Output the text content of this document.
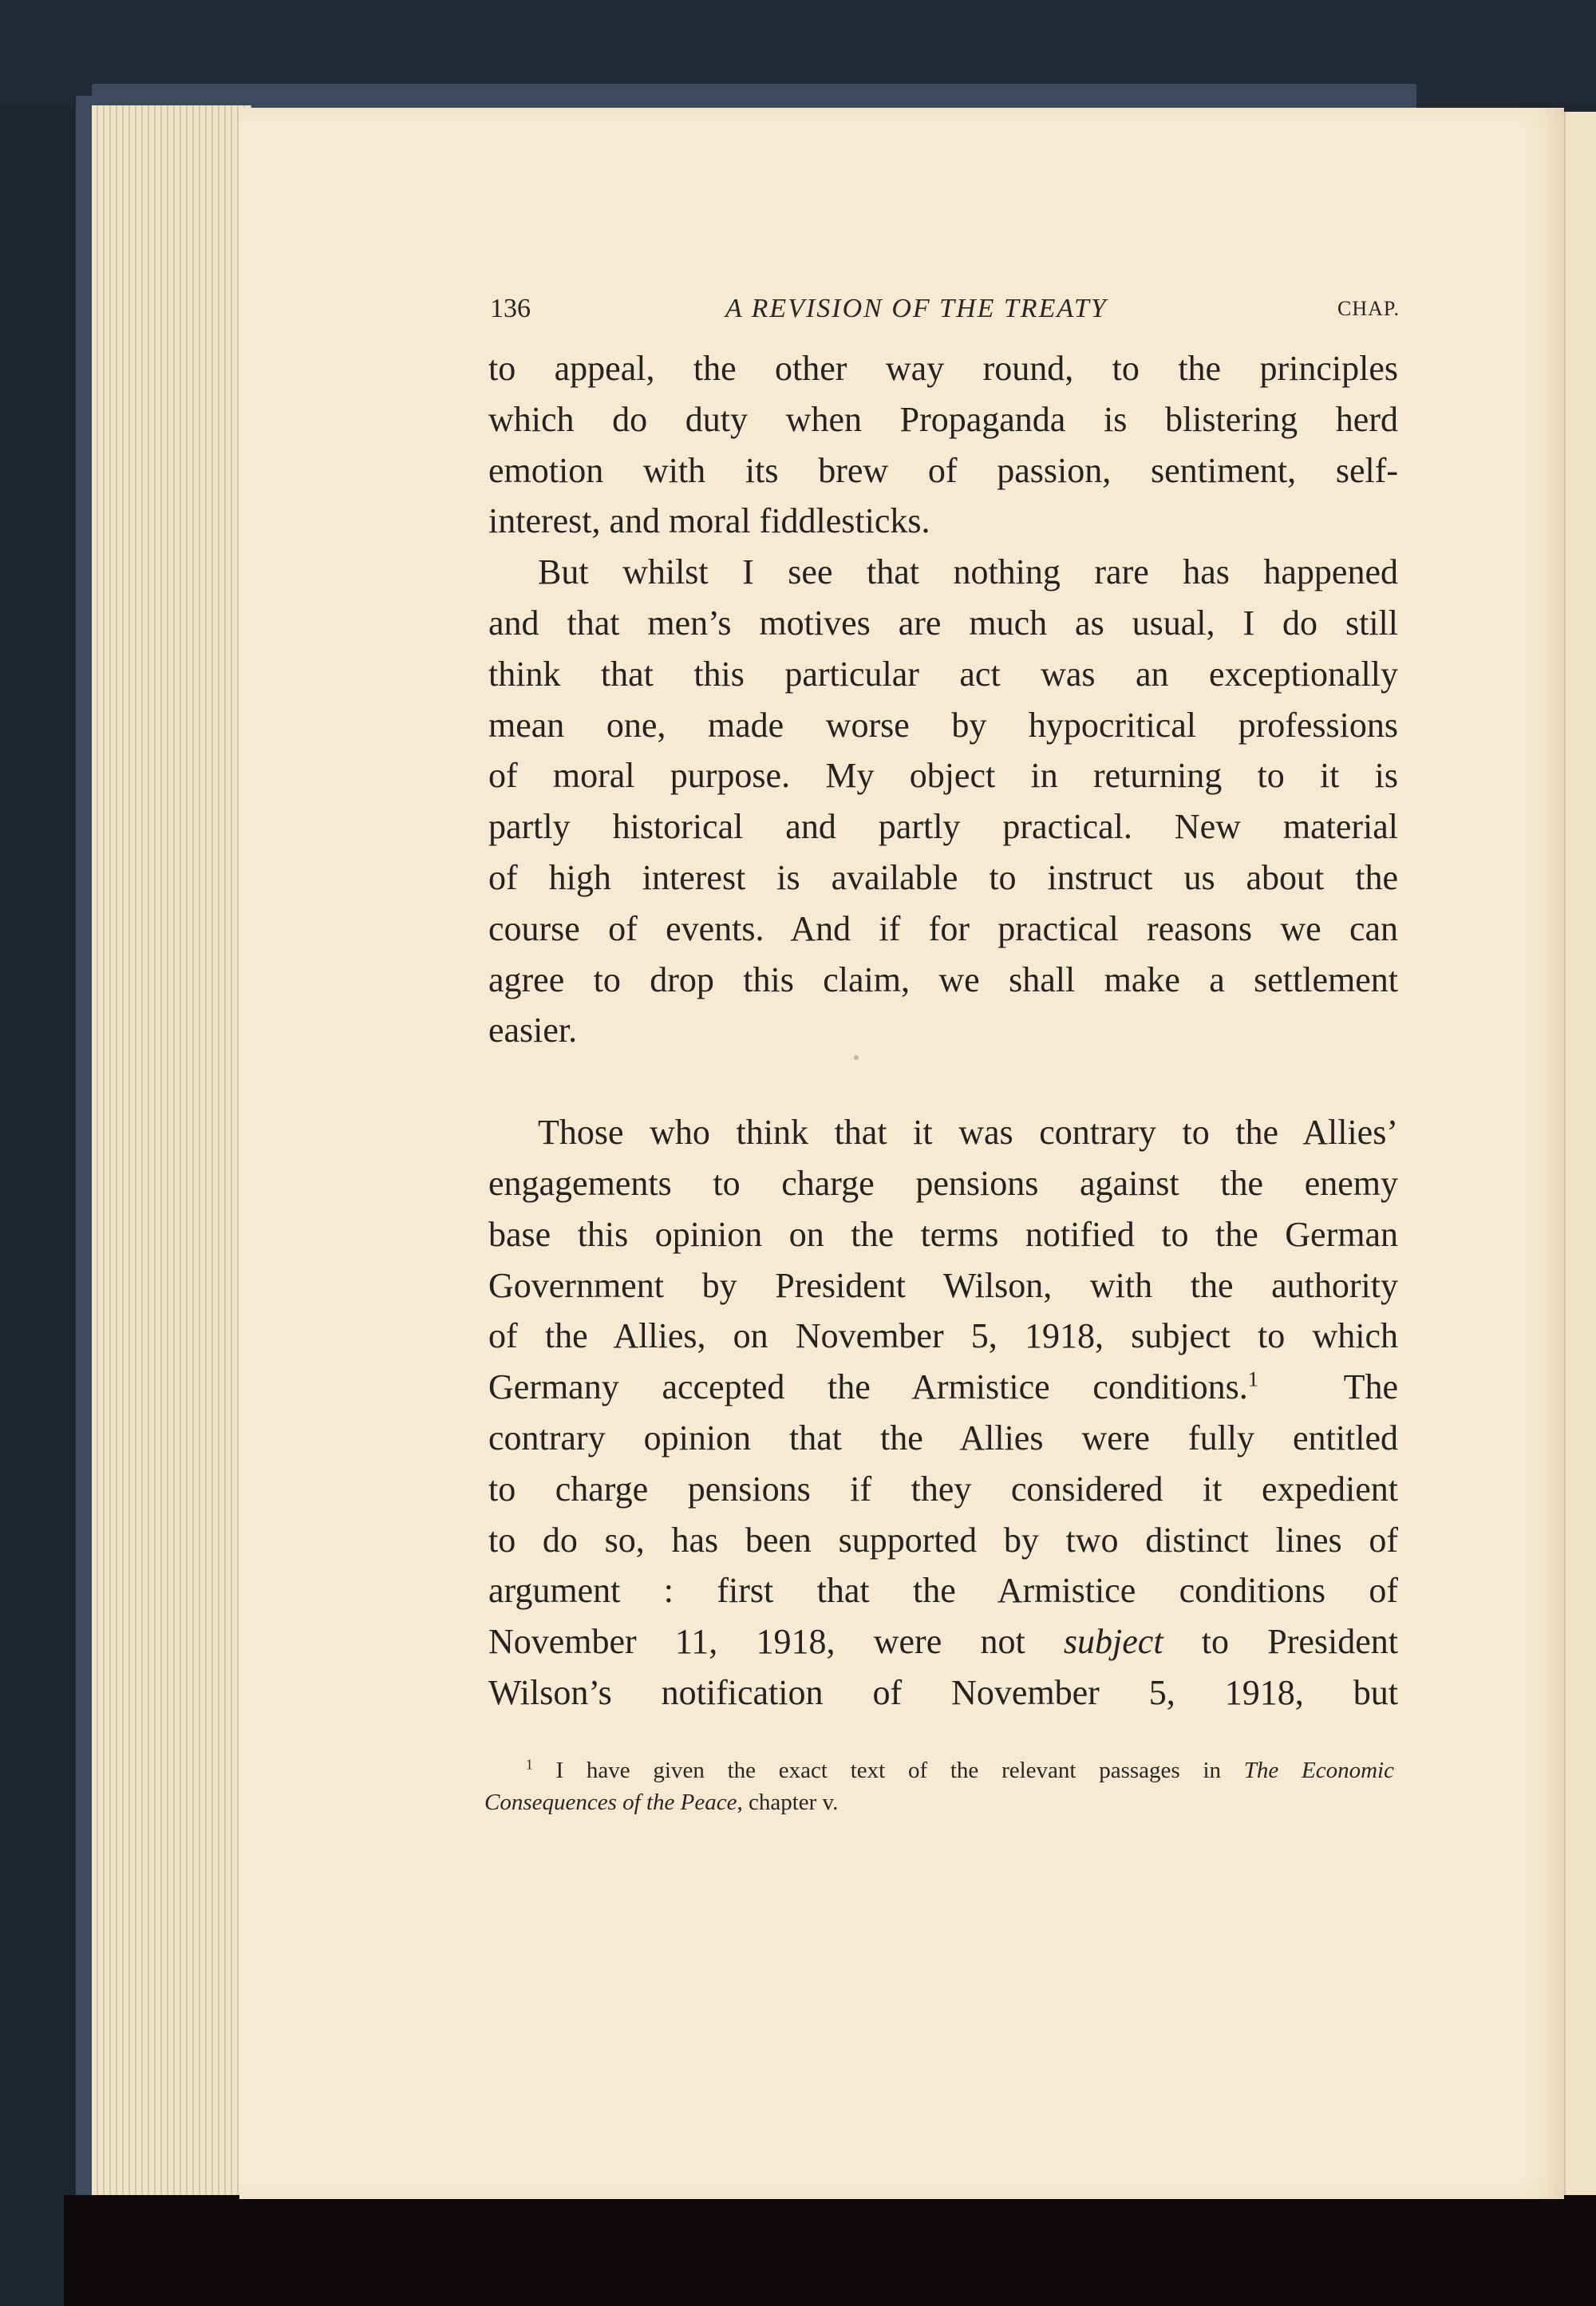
136	A REVISION OF THE TREATY	CHAP.
to appeal, the other way round, to the principles
which do duty when Propaganda is blistering herd
emotion with its brew of passion, sentiment, self-
interest, and moral fiddlesticks.
But whilst I see that nothing rare has happened
and that men’s motives are much as usual, I do still
think that this particular act was an exceptionally
mean one, made worse by hypocritical professions
of moral purpose. My object in returning to it is
partly historical and partly practical. New material
of high interest is available to instruct us about the
course of events. And if for practical reasons we can
agree to drop this claim, we shall make a settlement
easier.
Those who think that it was contrary to the Allies’
engagements to charge pensions against the enemy
base this opinion on the terms notified to the German
Government by President Wilson, with the authority
of the Allies, on November 5, 1918, subject to which
Germany accepted the Armistice conditions.$^1$  The
contrary opinion that the Allies were fully entitled
to charge pensions if they considered it expedient
to do so, has been supported by two distinct lines of
argument : first that the Armistice conditions of
November 11, 1918, were not subject to President
Wilson’s notification of November 5, 1918, but
$^1$ I have given the exact text of the relevant passages in The Economic
Consequences of the Peace, chapter v.
